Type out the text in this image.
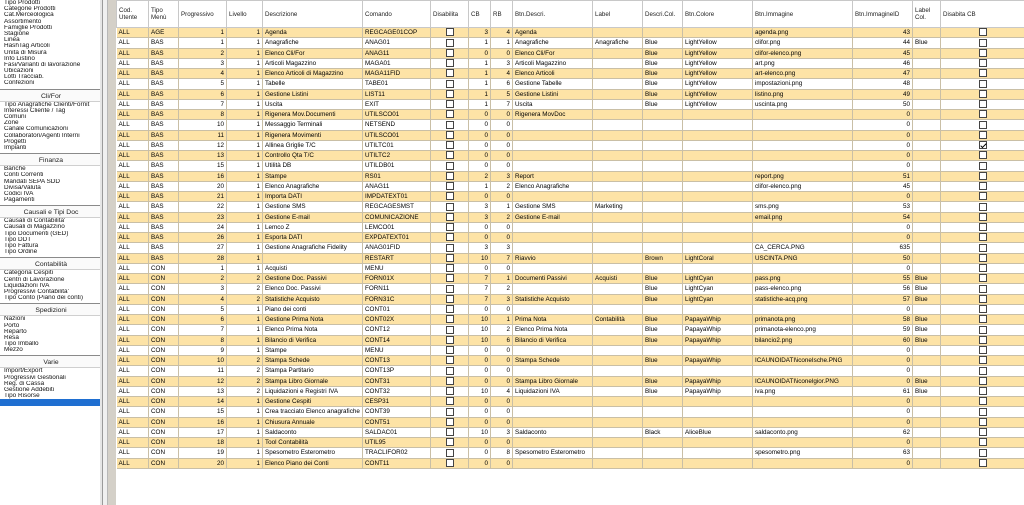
Tipo Prodotti
Categorie Prodotti
Cat.Merceologica
Assortimento
Famiglie Prodotti
Stagione
Linea
HashTag Articoli
Unita di Misura
Info Listino
Fasi/Varianti di lavorazione
Ubicazioni
Lotti Tracciab.
Confezioni
Cli/For
Tipo Anagrafiche Clienti/Fornit
Interessi Cliente / Tag
Comuni
Zone
Canale Comunicazioni
Collaboratori/Agenti Interni
Progetti
Impianti
Finanza
Banche
Conti Correnti
Mandati SEPA SDD
Divisa/Valuta
Codici IVA
Pagamenti
Causali e Tipi Doc
Causali di Contabilita'
Causali di Magazzino
Tipo Documenti (GED)
Tipo DDT
Tipo Fattura
Tipo Ordine
Contabilità
Categoria Cespiti
Centri di Lavorazione
Liquidazioni IVA
Progressivi Contabilita'
Tipo Conto (Piano dei conti)
Spedizioni
Nazioni
Porto
Reparto
Resa
Tipo Imballo
Mezzo
Varie
Import/Export
Progressivi Gestionali
Reg. di Cassa
Gestione Addebiti
Tipo Risorse
Cod. Utente	Tipo Menù	Progressivo	Livello	Descrizione	Comando	Disabilita	CB	RB	Btn.Descri.	Label	Descri.Col.	Btn.Colore	Btn.Immagine	Btn.ImmagineID	Label Col.	Disabita CB
ALL	AGE	1	1	Agenda	REGCAGE01COP		3	4	Agenda				agenda.png	43		
ALL	BAS	1	1	Anagrafiche	ANAG01		1	1	Anagrafiche	Anagrafiche	Blue	LightYellow	clifor.png	44	Blue	
ALL	BAS	2	1	Elenco Cli/For	ANAG11		0	0	Elenco Cli/For		Blue	LightYellow	clifor-elenco.png	45		
ALL	BAS	3	1	Articoli Magazzino	MAGA01		1	3	Articoli Magazzino		Blue	LightYellow	art.png	46		
ALL	BAS	4	1	Elenco Articoli di Magazzino	MAGA11FID		1	4	Elenco Articoli		Blue	LightYellow	art-elenco.png	47		
ALL	BAS	5	1	Tabelle	TABE01		1	6	Gestione Tabelle		Blue	LightYellow	impostazioni.png	48		
ALL	BAS	6	1	Gestione Listini	LIST11		1	5	Gestione Listini		Blue	LightYellow	listino.png	49		
ALL	BAS	7	1	Uscita	EXIT		1	7	Uscita		Blue	LightYellow	uscinta.png	50		
ALL	BAS	8	1	Rigenera Mov.Documenti	UTILSCO01		0	0	Rigenera MovDoc					0		
ALL	BAS	10	1	Messaggio Terminali	NETSEND		0	0						0		
ALL	BAS	11	1	Rigenera Movimenti	UTILSCO01		0	0						0		
ALL	BAS	12	1	Allinea Griglie T/C	UTILTC01		0	0						0		
ALL	BAS	13	1	Controllo Qta T/C	UTILTC2		0	0						0		
ALL	BAS	15	1	Utilità DB	UTILDB01		0	0						0		
ALL	BAS	16	1	Stampe	RS01		2	3	Report				report.png	51		
ALL	BAS	20	1	Elenco Anagrafiche	ANAG11		1	2	Elenco Anagrafiche				clifor-elenco.png	45		
ALL	BAS	21	1	Importa DATI	IMPDATEXT01		0	0						0		
ALL	BAS	22	1	Gestione SMS	REGCAGESMST		3	1	Gestione SMS	Marketing			sms.png	53		
ALL	BAS	23	1	Gestione E-mail	COMUNICAZIONE		3	2	Gestione E-mail				email.png	54		
ALL	BAS	24	1	Lemco Z	LEMCO01		0	0						0		
ALL	BAS	26	1	Esporta DATI	EXPDATEXT01		0	0						0		
ALL	BAS	27	1	Gestione Anagrafiche Fidelity	ANAG01FID		3	3					CA_CERCA.PNG	635		
ALL	BAS	28	1		RESTART		10	7	Riavvio		Brown	LightCoral	USCINTA.PNG	50		
ALL	CON	1	1	Acquisti	MENU		0	0						0		
ALL	CON	2	2	Gestione Doc. Passivi	FORN01X		7	1	Documenti Passivi	Acquisti	Blue	LightCyan	pass.png	55	Blue	
ALL	CON	3	2	Elenco Doc. Passivi	FORN11		7	2			Blue	LightCyan	pass-elenco.png	56	Blue	
ALL	CON	4	2	Statistiche Acquisto	FORN31C		7	3	Statistiche Acquisto		Blue	LightCyan	statistiche-acq.png	57	Blue	
ALL	CON	5	1	Piano dei conti	CONT01		0	0						0		
ALL	CON	6	1	Gestione Prima Nota	CONT02X		10	1	Prima Nota	Contabilità	Blue	PapayaWhip	primanota.png	58	Blue	
ALL	CON	7	1	Elenco Prima Nota	CONT12		10	2	Elenco Prima Nota		Blue	PapayaWhip	primanota-elenco.png	59	Blue	
ALL	CON	8	1	Bilancio di Verifica	CONT14		10	6	Bilancio di Verifica		Blue	PapayaWhip	bilancio2.png	60	Blue	
ALL	CON	9	1	Stampe	MENU		0	0						0		
ALL	CON	10	2	Stampa Schede	CONT13		0	0	Stampa Schede		Blue	PapayaWhip	ICAUNOIDATI\iconeIsche.PNG	0		
ALL	CON	11	2	Stampa Partitario	CONT13P		0	0						0		
ALL	CON	12	2	Stampa Libro Giornale	CONT31		0	0	Stampa Libro Giornale		Blue	PapayaWhip	ICAUNOIDATI\iconelgior.PNG	0	Blue	
ALL	CON	13	2	Liquidazioni e Registri IVA	CONT32		10	4	Liquidazioni IVA		Blue	PapayaWhip	iva.png	61	Blue	
ALL	CON	14	1	Gestione Cespiti	CESP31		0	0						0		
ALL	CON	15	1	Crea tracciato Elenco anagrafiche	CONT39		0	0						0		
ALL	CON	16	1	Chiusura Annuale	CONT51		0	0						0		
ALL	CON	17	1	Saldaconto	SALDAC01		10	3	Saldaconto		Black	AliceBlue	saldaconto.png	62		
ALL	CON	18	1	Tool Contabilità	UTIL95		0	0						0		
ALL	CON	19	1	Spesometro Esterometro	TRACLIFOR02		0	8	Spesometro Esterometro				spesometro.png	63		
ALL	CON	20	1	Elenco Piano dei Conti	CONT11		0	0						0		
